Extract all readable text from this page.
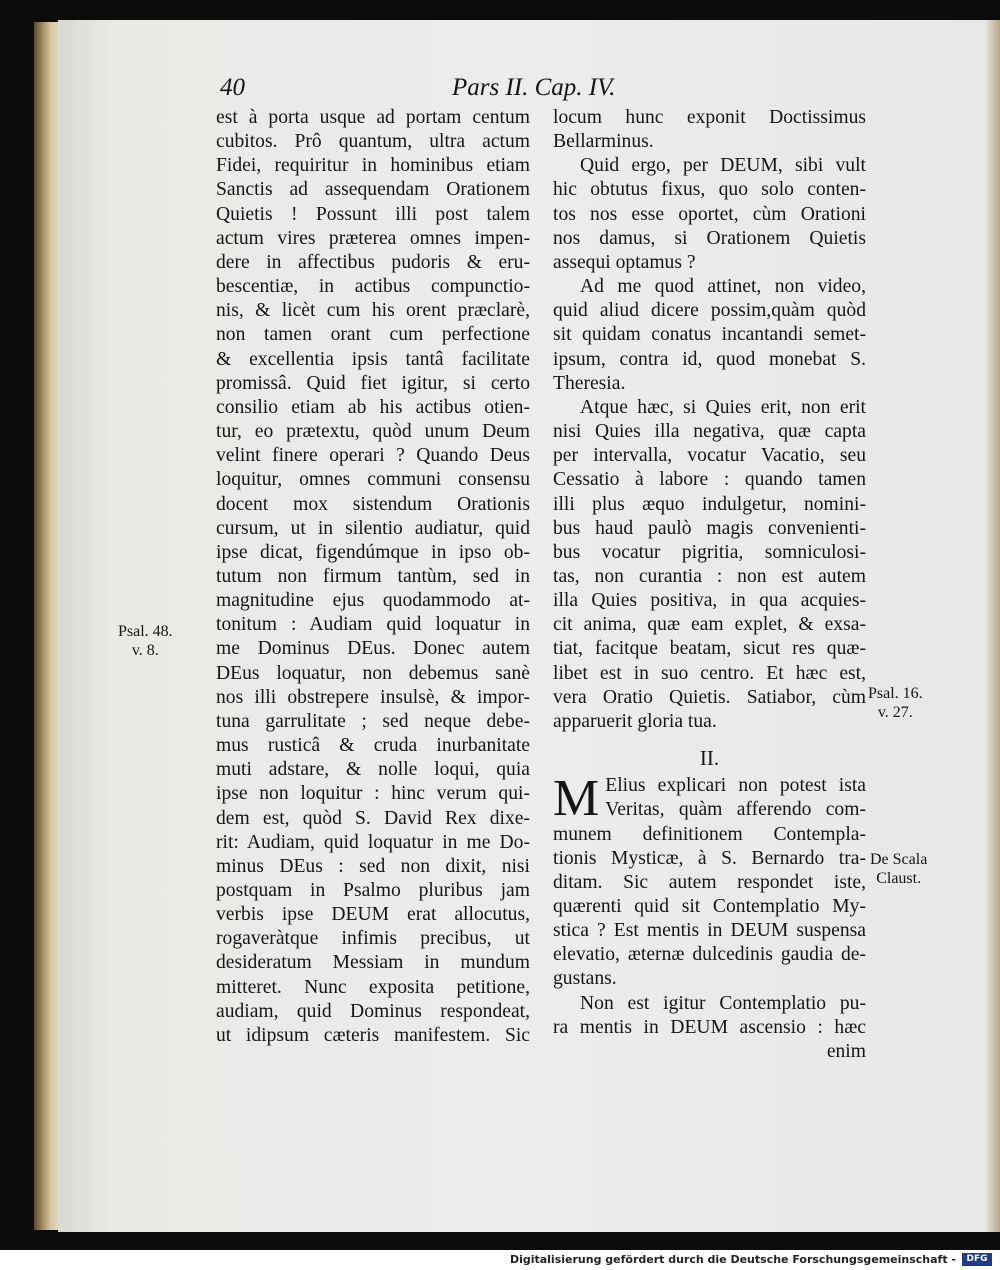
40	Pars II. Cap. IV.
est à porta usque ad portam centum
cubitos. Prô quantum, ultra actum
Fidei, requiritur in hominibus etiam
Sanctis ad assequendam Orationem
Quietis ! Possunt illi post talem
actum vires præterea omnes impen-
dere in affectibus pudoris & eru-
bescentiæ, in actibus compunctio-
nis, & licèt cum his orent præclarè,
non tamen orant cum perfectione
& excellentia ipsis tantâ facilitate
promissâ. Quid fiet igitur, si certo
consilio etiam ab his actibus otien-
tur, eo prætextu, quòd unum Deum
velint finere operari ? Quando Deus
loquitur, omnes communi consensu
docent mox sistendum Orationis
cursum, ut in silentio audiatur, quid
ipse dicat, figendúmque in ipso ob-
tutum non firmum tantùm, sed in
magnitudine ejus quodammodo at-
tonitum : Audiam quid loquatur in
me Dominus DEus. Donec autem
DEus loquatur, non debemus sanè
nos illi obstrepere insulsè, & impor-
tuna garrulitate ; sed neque debe-
mus rusticâ & cruda inurbanitate
muti adstare, & nolle loqui, quia
ipse non loquitur : hinc verum qui-
dem est, quòd S. David Rex dixe-
rit: Audiam, quid loquatur in me Do-
minus DEus : sed non dixit, nisi
postquam in Psalmo pluribus jam
verbis ipse DEUM erat allocutus,
rogaveràtque infimis precibus, ut
desideratum Messiam in mundum
mitteret. Nunc exposita petitione,
audiam, quid Dominus respondeat,
ut idipsum cæteris manifestem. Sic

locum hunc exponit Doctissimus
Bellarminus.

Quid ergo, per DEUM, sibi vult
hic obtutus fixus, quo solo conten-
tos nos esse oportet, cùm Orationi
nos damus, si Orationem Quietis
assequi optamus ?

Ad me quod attinet, non video,
quid aliud dicere possim,quàm quòd
sit quidam conatus incantandi semet-
ipsum, contra id, quod monebat S.
Theresia.

Atque hæc, si Quies erit, non erit
nisi Quies illa negativa, quæ capta
per intervalla, vocatur Vacatio, seu
Cessatio à labore : quando tamen
illi plus æquo indulgetur, nomini-
bus haud paulò magis convenienti-
bus vocatur pigritia, somniculosi-
tas, non curantia : non est autem
illa Quies positiva, in qua acquies-
cit anima, quæ eam explet, & exsa-
tiat, facitque beatam, sicut res quæ-
libet est in suo centro. Et hæc est,
vera Oratio Quietis. Satiabor, cùm
apparuerit gloria tua.

II.

M Elius explicari non potest ista
Veritas, quàm afferendo com-

munem definitionem Contempla-
tionis Mysticæ, à S. Bernardo tra-
ditam. Sic autem respondet iste,
quærenti quid sit Contemplatio My-
stica ? Est mentis in DEUM suspensa
elevatio, æternæ dulcedinis gaudia de-
gustans.

Non est igitur Contemplatio pu-
ra mentis in DEUM ascensio : hæc

enim
Psal. 48.
v. 8.
Psal. 16.
v. 27.
De Scala
Claust.
Digitalisierung gefördert durch die Deutsche Forschungsgemeinschaft -	DFG
